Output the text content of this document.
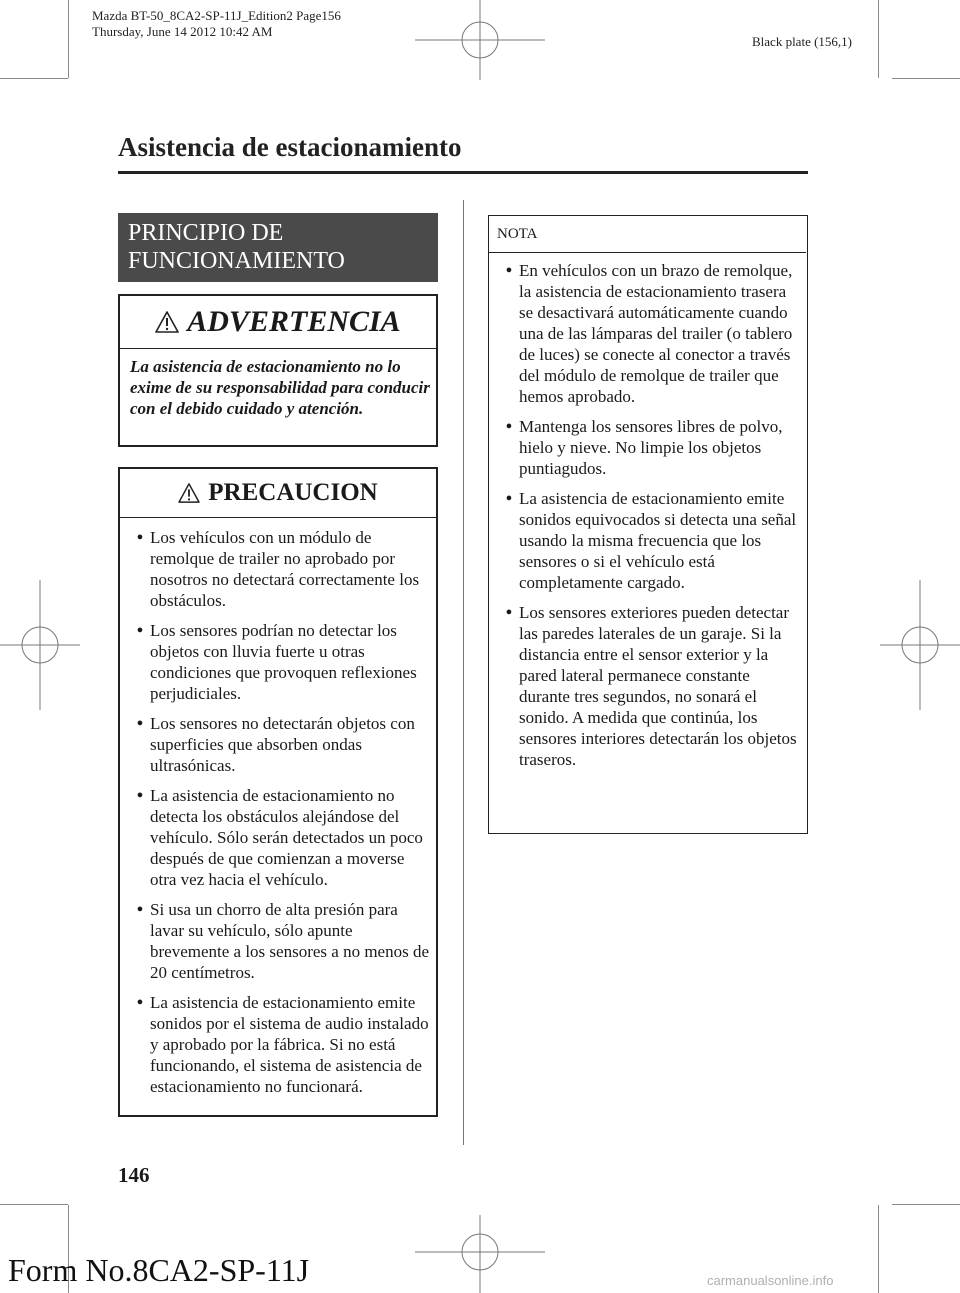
Mazda BT-50_8CA2-SP-11J_Edition2 Page156
Thursday, June 14 2012 10:42 AM
Black plate (156,1)
Asistencia de estacionamiento
PRINCIPIO DE
FUNCIONAMIENTO
ADVERTENCIA
La asistencia de estacionamiento no lo exime de su responsabilidad para conducir con el debido cuidado y atención.
PRECAUCION
● Los vehículos con un módulo de remolque de trailer no aprobado por nosotros no detectará correctamente los obstáculos.
● Los sensores podrían no detectar los objetos con lluvia fuerte u otras condiciones que provoquen reflexiones perjudiciales.
● Los sensores no detectarán objetos con superficies que absorben ondas ultrasónicas.
● La asistencia de estacionamiento no detecta los obstáculos alejándose del vehículo. Sólo serán detectados un poco después de que comienzan a moverse otra vez hacia el vehículo.
● Si usa un chorro de alta presión para lavar su vehículo, sólo apunte brevemente a los sensores a no menos de 20 centímetros.
● La asistencia de estacionamiento emite sonidos por el sistema de audio instalado y aprobado por la fábrica. Si no está funcionando, el sistema de asistencia de estacionamiento no funcionará.
NOTA
● En vehículos con un brazo de remolque, la asistencia de estacionamiento trasera se desactivará automáticamente cuando una de las lámparas del trailer (o tablero de luces) se conecte al conector a través del módulo de remolque de trailer que hemos aprobado.
● Mantenga los sensores libres de polvo, hielo y nieve. No limpie los objetos puntiagudos.
● La asistencia de estacionamiento emite sonidos equivocados si detecta una señal usando la misma frecuencia que los sensores o si el vehículo está completamente cargado.
● Los sensores exteriores pueden detectar las paredes laterales de un garaje. Si la distancia entre el sensor exterior y la pared lateral permanece constante durante tres segundos, no sonará el sonido. A medida que continúa, los sensores interiores detectarán los objetos traseros.
146
Form No.8CA2-SP-11J	carmanualsonline.info
